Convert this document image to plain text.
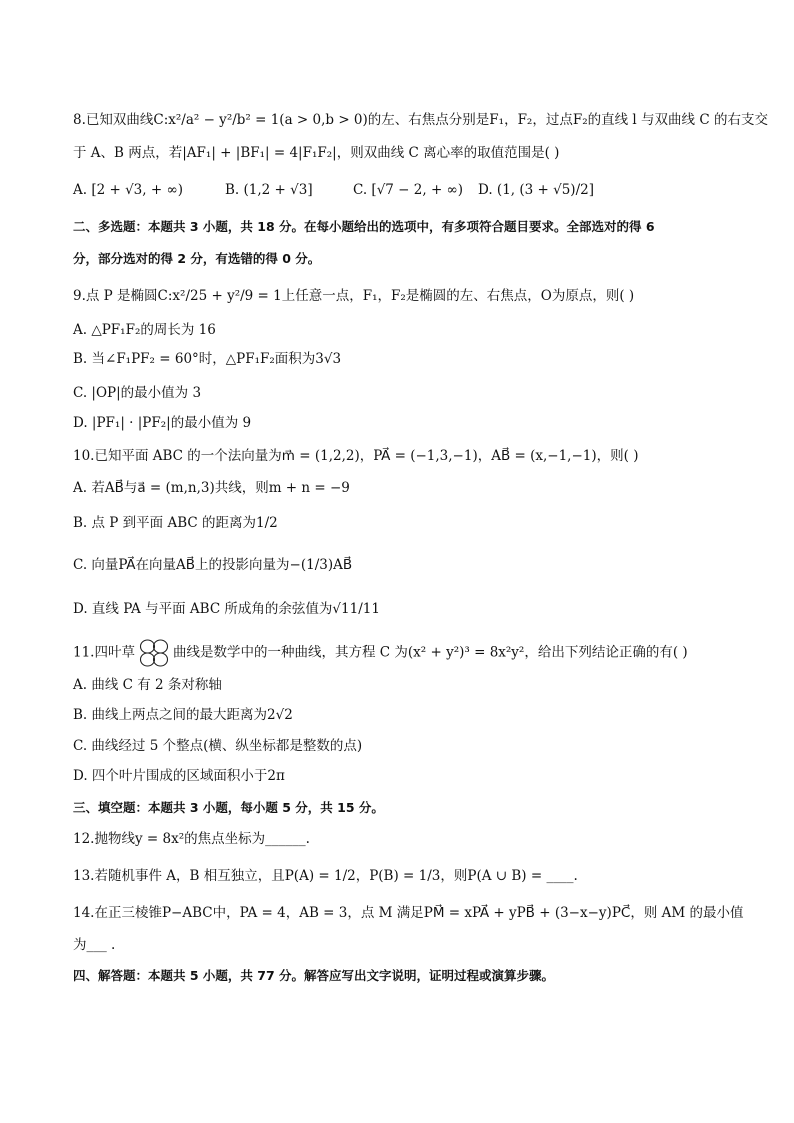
8.已知双曲线C:x²/a² − y²/b² = 1(a > 0,b > 0)的左、右焦点分别是F₁，F₂，过点F₂的直线 l 与双曲线 C 的右支交
于 A、B 两点，若|AF₁| + |BF₁| = 4|F₁F₂|，则双曲线 C 离心率的取值范围是( )
A. [2 + √3, + ∞)	B. (1,2 + √3]	C. [√7 − 2, + ∞) D. (1, (3 + √5)/2]
二、多选题：本题共 3 小题，共 18 分。在每小题给出的选项中，有多项符合题目要求。全部选对的得 6
分，部分选对的得 2 分，有选错的得 0 分。
9.点 P 是椭圆C:x²/25 + y²/9 = 1上任意一点，F₁，F₂是椭圆的左、右焦点，O为原点，则( )
A. △PF₁F₂的周长为 16
B. 当∠F₁PF₂ = 60°时，△PF₁F₂面积为3√3
C. |OP|的最小值为 3
D. |PF₁| · |PF₂|的最小值为 9
10.已知平面 ABC 的一个法向量为m⃗ = (1,2,2)，PA⃗ = (−1,3,−1)，AB⃗ = (x,−1,−1)，则( )
A. 若AB⃗与a⃗ = (m,n,3)共线，则m + n = −9
B. 点 P 到平面 ABC 的距离为1/2
C. 向量PA⃗在向量AB⃗上的投影向量为−(1/3)AB⃗
D. 直线 PA 与平面 ABC 所成角的余弦值为√11/11
11.四叶草	曲线是数学中的一种曲线，其方程 C 为(x² + y²)³ = 8x²y²，给出下列结论正确的有( )
A. 曲线 C 有 2 条对称轴
B. 曲线上两点之间的最大距离为2√2
C. 曲线经过 5 个整点(横、纵坐标都是整数的点)
D. 四个叶片围成的区域面积小于2π
三、填空题：本题共 3 小题，每小题 5 分，共 15 分。
12.抛物线y = 8x²的焦点坐标为______.
13.若随机事件 A，B 相互独立，且P(A) = 1/2，P(B) = 1/3，则P(A ∪ B) = ____.
14.在正三棱锥P−ABC中，PA = 4，AB = 3，点 M 满足PM⃗ = xPA⃗ + yPB⃗ + (3−x−y)PC⃗，则 AM 的最小值
为___ .
四、解答题：本题共 5 小题，共 77 分。解答应写出文字说明，证明过程或演算步骤。
